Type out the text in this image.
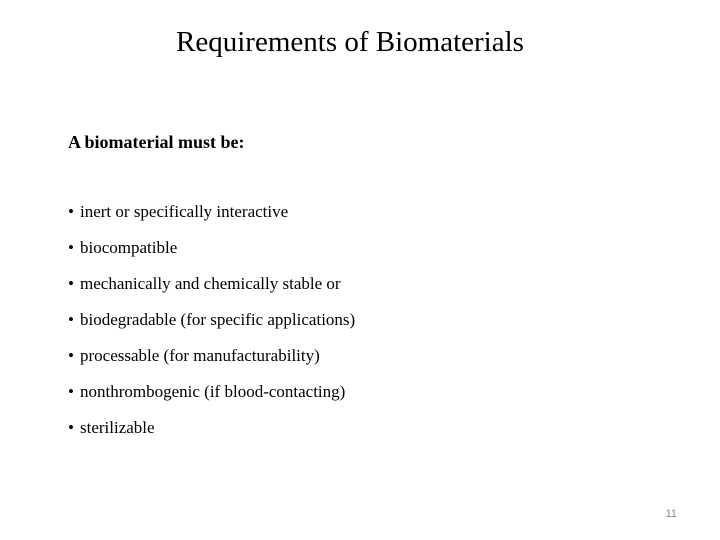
Requirements of Biomaterials
A biomaterial must be:
• inert or specifically interactive
• biocompatible
• mechanically and chemically stable or
• biodegradable (for specific applications)
• processable (for manufacturability)
• nonthrombogenic (if blood‐contacting)
• sterilizable
11
